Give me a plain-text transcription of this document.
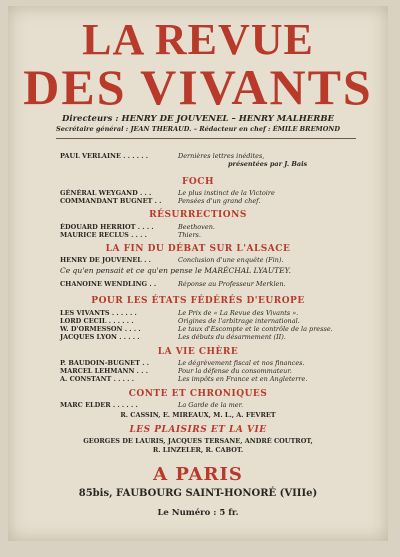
LA REVUE
DES VIVANTS
Directeurs : HENRY DE JOUVENEL – HENRY MALHERBE
Secrétaire général : JEAN THERAUD. – Rédacteur en chef : ÉMILE BREMOND
PAUL VERLAINE . . . . . .	Dernières lettres inédites,
présentées par J. Bais
FOCH
GÉNÉRAL WEYGAND . . .	Le plus instinct de la Victoire
COMMANDANT BUGNET . .	Pensées d'un grand chef.
RÉSURRECTIONS
ÉDOUARD HERRIOT . . . .	Beethoven.
MAURICE RECLUS . . . .	Thiers.
LA FIN DU DÉBAT SUR L'ALSACE
HENRY DE JOUVENEL . .	Conclusion d'une enquête (Fin).
Ce qu'en pensait et ce qu'en pense le MARÉCHAL LYAUTEY.
CHANOINE WENDLING . .	Réponse au Professeur Merklen.
POUR LES ÉTATS FÉDÉRÉS D'EUROPE
LES VIVANTS . . . . . .	Le Prix de « La Revue des Vivants ».
LORD CECIL . . . . . .	Origines de l'arbitrage international.
W. D'ORMESSON . . . .	Le taux d'Escompte et le contrôle de la presse.
JACQUES LYON . . . . .	Les débuts du désarmement (II).
LA VIE CHÈRE
P. BAUDOIN-BUGNET . .	Le dégrèvement fiscal et nos finances.
MARCEL LEHMANN . . .	Pour la défense du consommateur.
A. CONSTANT . . . . .	Les impôts en France et en Angleterre.
CONTE ET CHRONIQUES
MARC ELDER . . . . . .	La Garde de la mer.
R. CASSIN, E. MIREAUX, M. L., A. FEVRET
LES PLAISIRS ET LA VIE
GEORGES DE LAURIS, JACQUES TERSANE, ANDRÉ COUTROT,
R. LINZELER, R. CABOT.
A PARIS
85bis, FAUBOURG SAINT-HONORÉ (VIIIe)
Le Numéro : 5 fr.
